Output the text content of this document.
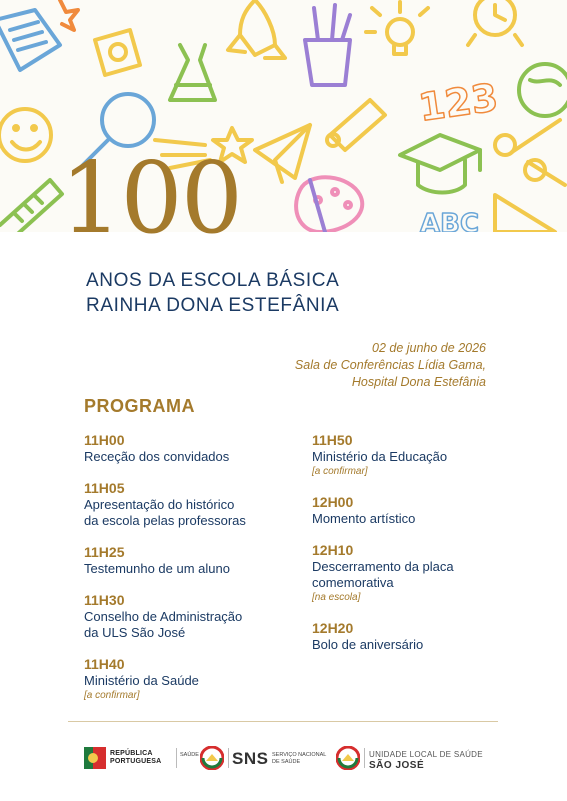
123
ABC
100
ANOS DA ESCOLA BÁSICA
RAINHA DONA ESTEFÂNIA
02 de junho de 2026
Sala de Conferências Lídia Gama,
Hospital Dona Estefânia
PROGRAMA
11H00
Receção dos convidados
11H05
Apresentação do histórico
da escola pelas professoras
11H25
Testemunho de um aluno
11H30
Conselho de Administração
da ULS São José
11H40
Ministério da Saúde
[a confirmar]
11H50
Ministério da Educação
[a confirmar]
12H00
Momento artístico
12H10
Descerramento da placa
comemorativa
[na escola]
12H20
Bolo de aniversário
REPÚBLICA
PORTUGUESA
SAÚDE SNS SERVIÇO NACIONAL
DE SAÚDE
UNIDADE LOCAL DE SAÚDE
SÃO JOSÉ
